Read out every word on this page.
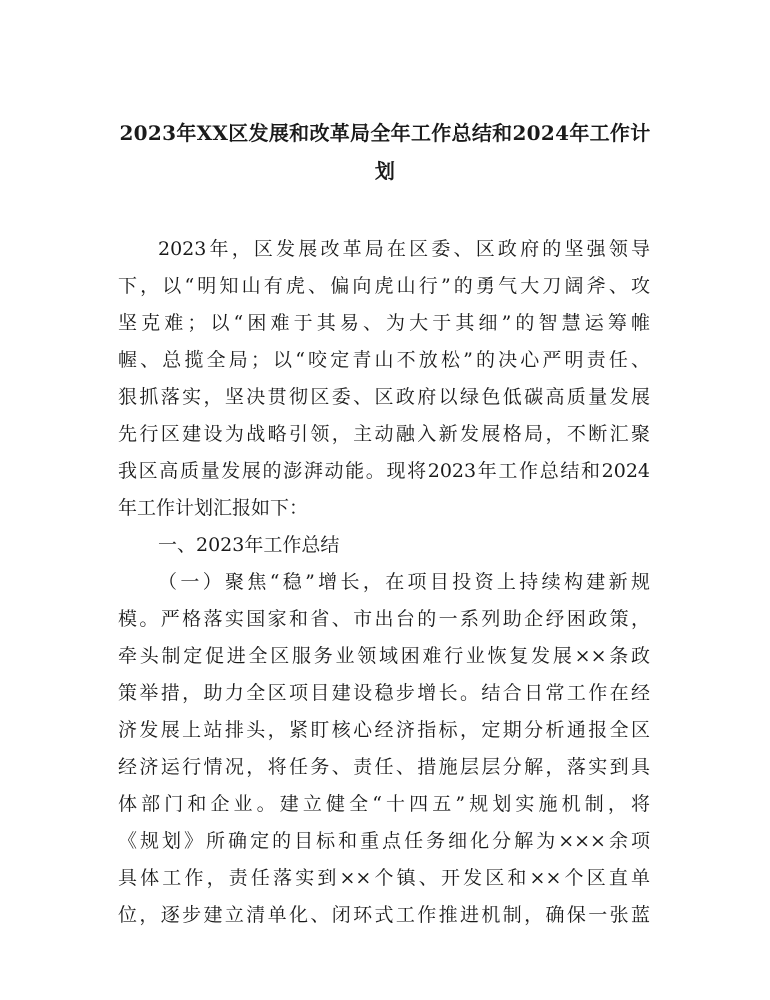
2023年XX区发展和改革局全年工作总结和2024年工作计
划
2023年，区发展改革局在区委、区政府的坚强领导
下，以“明知山有虎、偏向虎山行”的勇气大刀阔斧、攻
坚克难；以“困难于其易、为大于其细”的智慧运筹帷
幄、总揽全局；以“咬定青山不放松”的决心严明责任、
狠抓落实，坚决贯彻区委、区政府以绿色低碳高质量发展
先行区建设为战略引领，主动融入新发展格局，不断汇聚
我区高质量发展的澎湃动能。现将2023年工作总结和2024
年工作计划汇报如下：
一、2023年工作总结
（一）聚焦“稳”增长，在项目投资上持续构建新规
模。严格落实国家和省、市出台的一系列助企纾困政策，
牵头制定促进全区服务业领域困难行业恢复发展××条政
策举措，助力全区项目建设稳步增长。结合日常工作在经
济发展上站排头，紧盯核心经济指标，定期分析通报全区
经济运行情况，将任务、责任、措施层层分解，落实到具
体部门和企业。建立健全“十四五”规划实施机制，将
《规划》所确定的目标和重点任务细化分解为×××余项
具体工作，责任落实到××个镇、开发区和××个区直单
位，逐步建立清单化、闭环式工作推进机制，确保一张蓝
